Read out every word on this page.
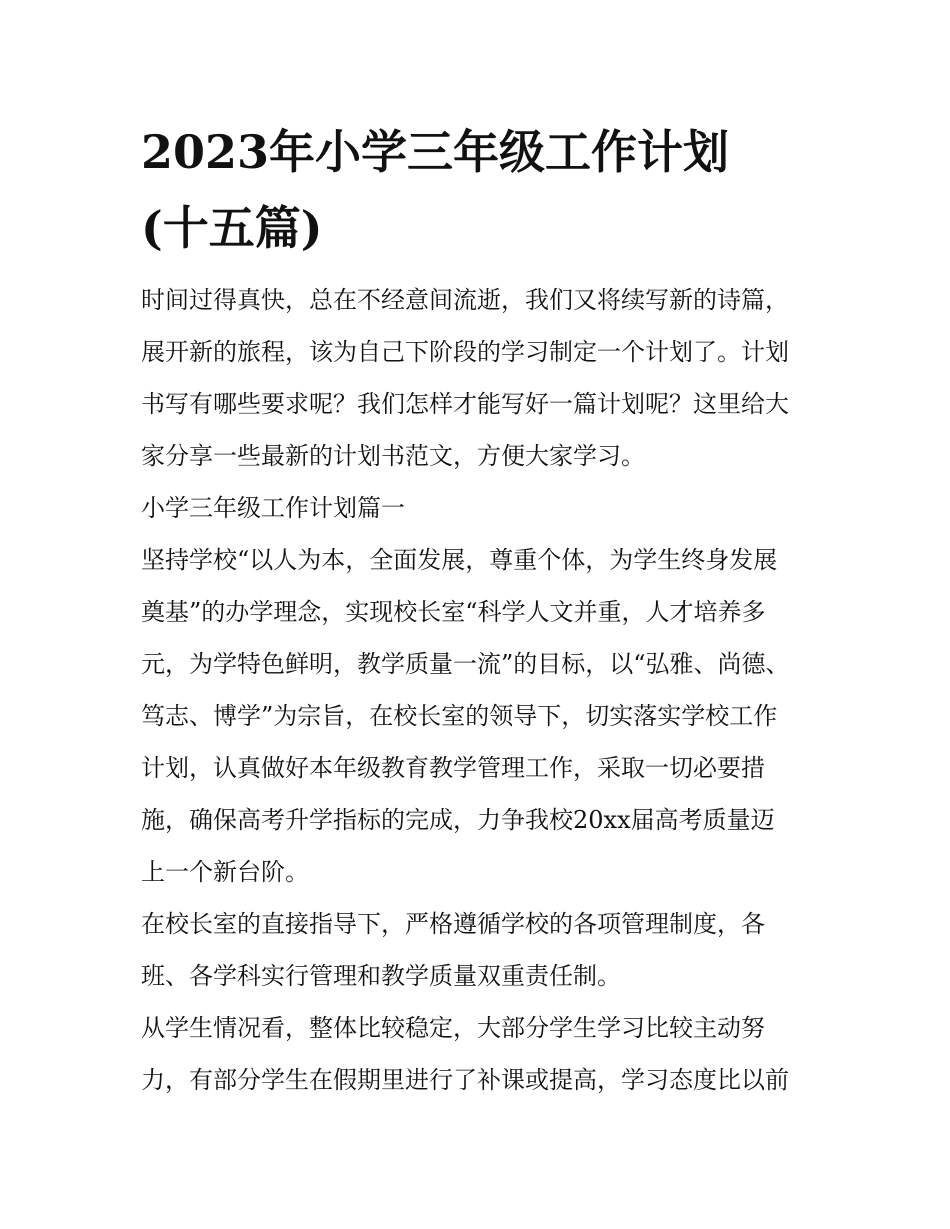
2023年小学三年级工作计划
(十五篇)

时间过得真快，总在不经意间流逝，我们又将续写新的诗篇，
展开新的旅程，该为自己下阶段的学习制定一个计划了。计划
书写有哪些要求呢？我们怎样才能写好一篇计划呢？这里给大
家分享一些最新的计划书范文，方便大家学习。

小学三年级工作计划篇一

坚持学校“以人为本，全面发展，尊重个体，为学生终身发展
奠基”的办学理念，实现校长室“科学人文并重，人才培养多
元，为学特色鲜明，教学质量一流”的目标，以“弘雅、尚德、
笃志、博学”为宗旨，在校长室的领导下，切实落实学校工作
计划，认真做好本年级教育教学管理工作，采取一切必要措
施，确保高考升学指标的完成，力争我校20xx届高考质量迈
上一个新台阶。

在校长室的直接指导下，严格遵循学校的各项管理制度，各
班、各学科实行管理和教学质量双重责任制。

从学生情况看，整体比较稳定，大部分学生学习比较主动努
力，有部分学生在假期里进行了补课或提高，学习态度比以前
